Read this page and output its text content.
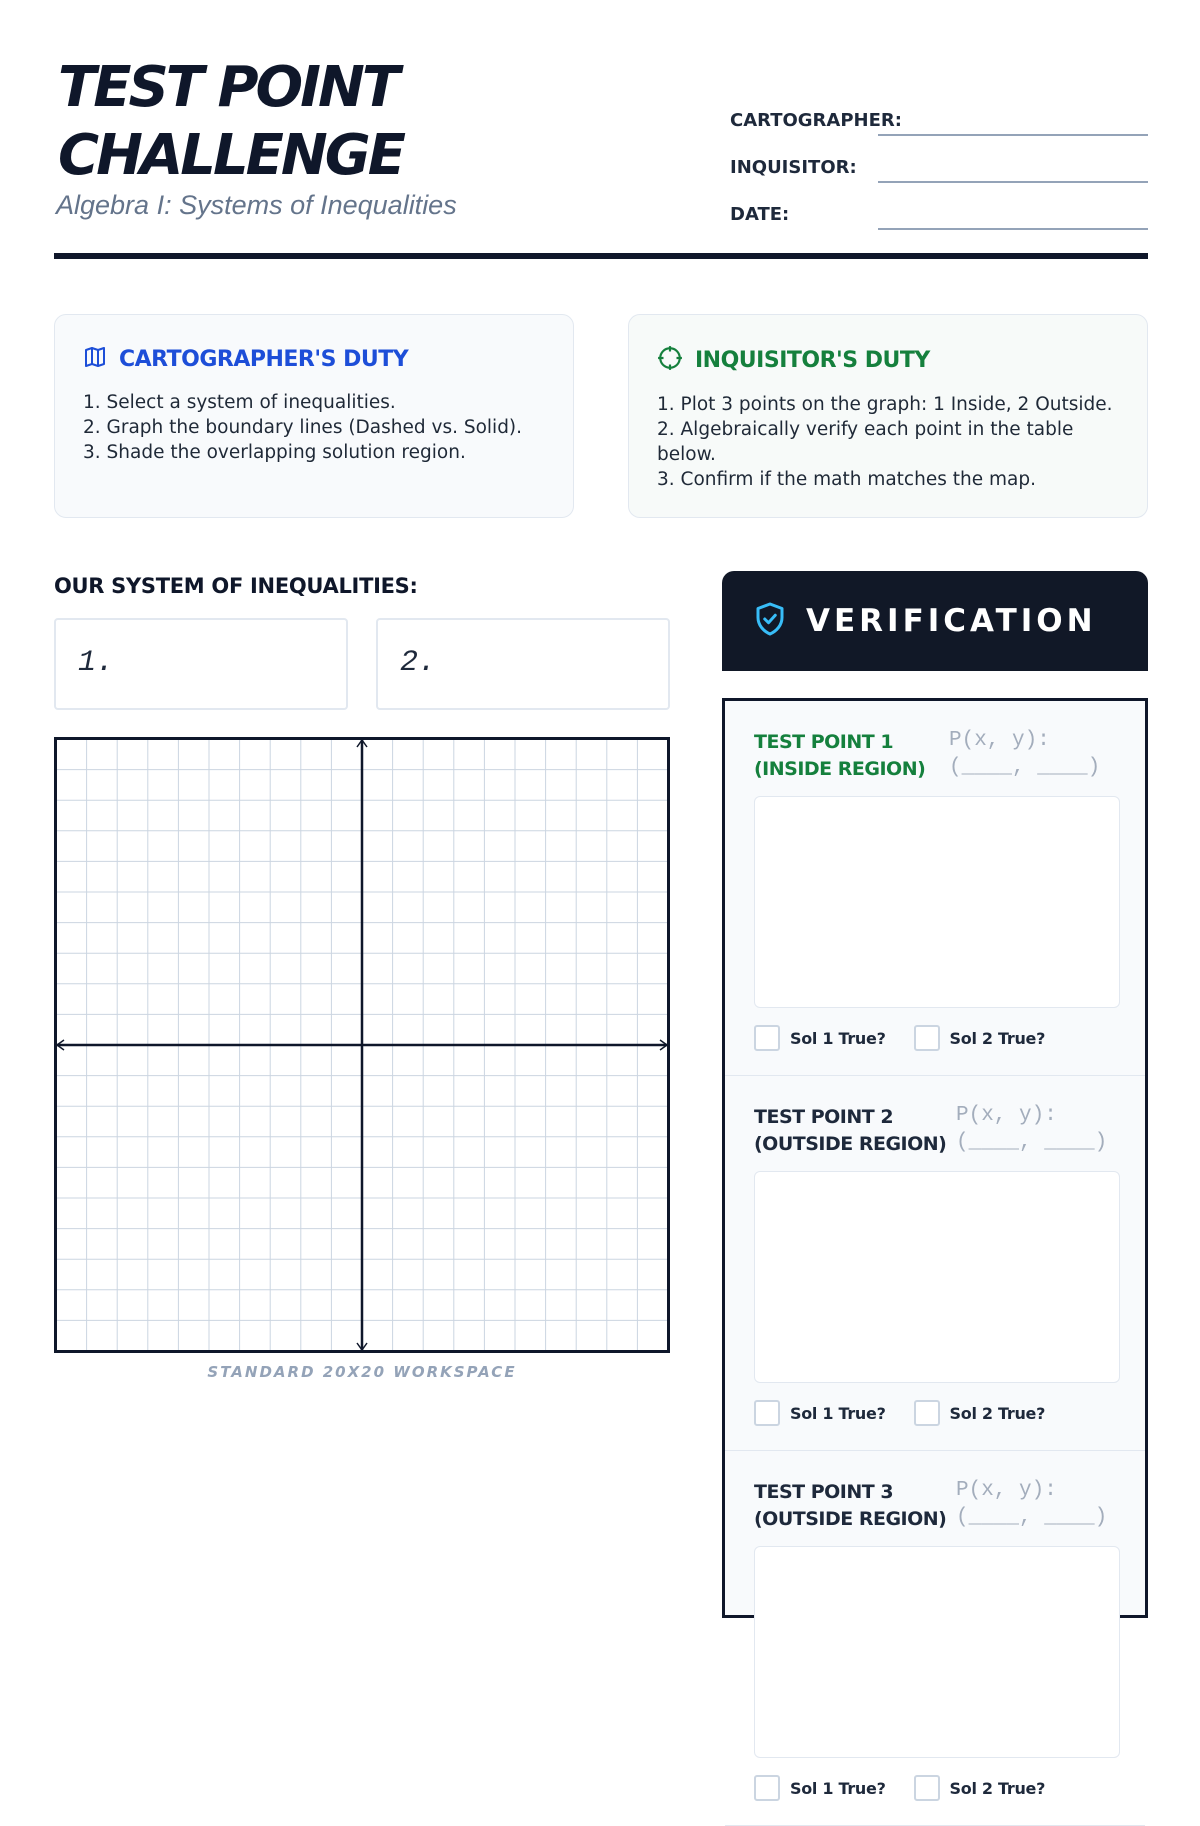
TEST POINT
CHALLENGE
Algebra I: Systems of Inequalities
CARTOGRAPHER:
INQUISITOR:
DATE:
CARTOGRAPHER'S DUTY
1. Select a system of inequalities.
2. Graph the boundary lines (Dashed vs. Solid).
3. Shade the overlapping solution region.
INQUISITOR'S DUTY
1. Plot 3 points on the graph: 1 Inside, 2 Outside.
2. Algebraically verify each point in the table below.
3. Confirm if the math matches the map.
OUR SYSTEM OF INEQUALITIES:
1.	2.
STANDARD 20X20 WORKSPACE
VERIFICATION
TEST POINT 1
(INSIDE REGION)
P(x, y):
(____, ____)
Sol 1 True?	Sol 2 True?
TEST POINT 2
(OUTSIDE REGION)
P(x, y):
(____, ____)
Sol 1 True?	Sol 2 True?
TEST POINT 3
(OUTSIDE REGION)
P(x, y):
(____, ____)
Sol 1 True?	Sol 2 True?
